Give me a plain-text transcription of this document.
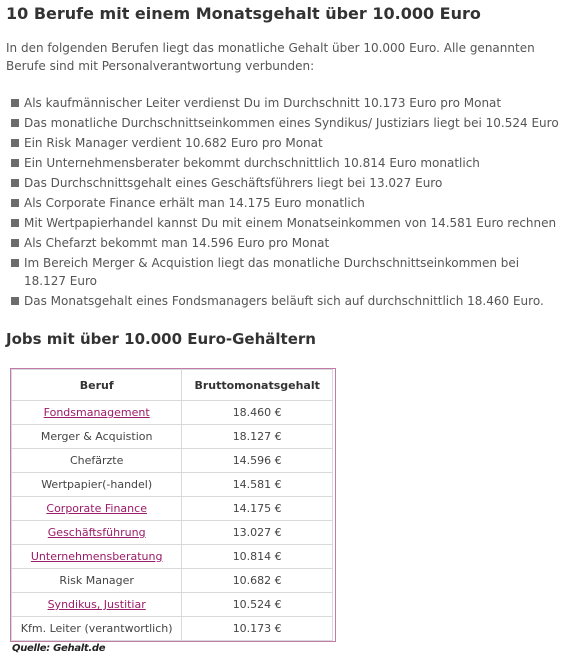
10 Berufe mit einem Monatsgehalt über 10.000 Euro

In den folgenden Berufen liegt das monatliche Gehalt über 10.000 Euro. Alle genannten Berufe sind mit Personalverantwortung verbunden:

Als kaufmännischer Leiter verdienst Du im Durchschnitt 10.173 Euro pro Monat
Das monatliche Durchschnittseinkommen eines Syndikus/ Justiziars liegt bei 10.524 Euro
Ein Risk Manager verdient 10.682 Euro pro Monat
Ein Unternehmensberater bekommt durchschnittlich 10.814 Euro monatlich
Das Durchschnittsgehalt eines Geschäftsführers liegt bei 13.027 Euro
Als Corporate Finance erhält man 14.175 Euro monatlich
Mit Wertpapierhandel kannst Du mit einem Monatseinkommen von 14.581 Euro rechnen
Als Chefarzt bekommt man 14.596 Euro pro Monat
Im Bereich Merger & Acquistion liegt das monatliche Durchschnittseinkommen bei 18.127 Euro
Das Monatsgehalt eines Fondsmanagers beläuft sich auf durchschnittlich 18.460 Euro.
Jobs mit über 10.000 Euro-Gehältern
Beruf	Bruttomonatsgehalt
Fondsmanagement	18.460 €
Merger & Acquistion	18.127 €
Chefärzte	14.596 €
Wertpapier(-handel)	14.581 €
Corporate Finance	14.175 €
Geschäftsführung	13.027 €
Unternehmensberatung	10.814 €
Risk Manager	10.682 €
Syndikus, Justitiar	10.524 €
Kfm. Leiter (verantwortlich)	10.173 €
Quelle: Gehalt.de
